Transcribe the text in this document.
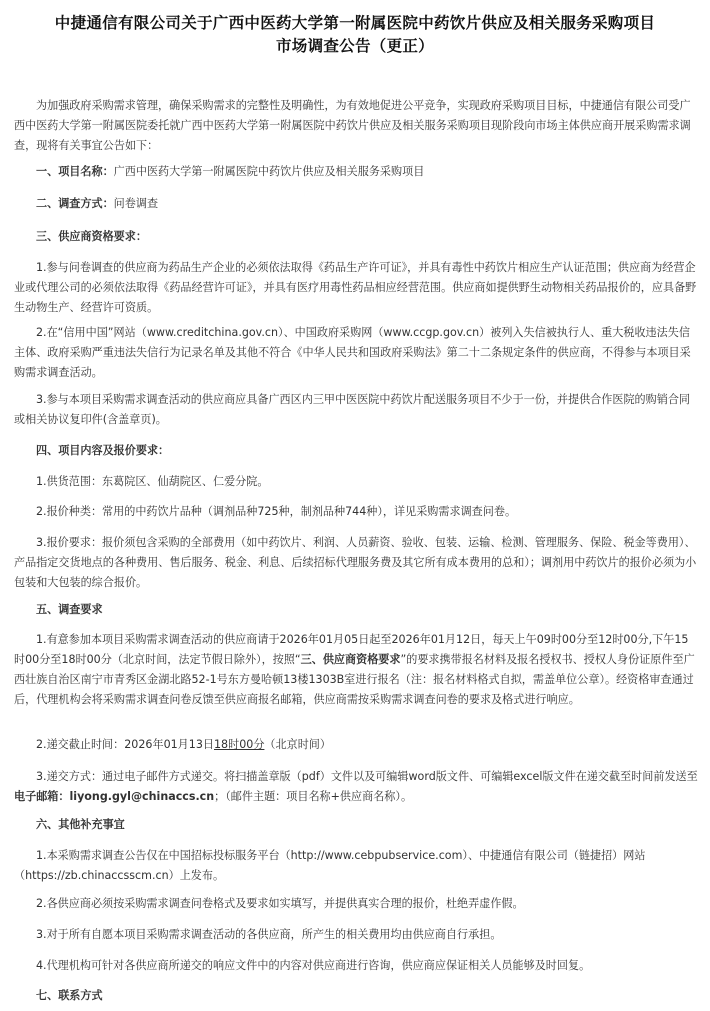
中捷通信有限公司关于广西中医药大学第一附属医院中药饮片供应及相关服务采购项目
市场调查公告（更正）
为加强政府采购需求管理，确保采购需求的完整性及明确性，为有效地促进公平竞争，实现政府采购项目目标，中捷通信有限公司受广西中医药大学第一附属医院委托就广西中医药大学第一附属医院中药饮片供应及相关服务采购项目现阶段向市场主体供应商开展采购需求调查，现将有关事宜公告如下：
一、项目名称：广西中医药大学第一附属医院中药饮片供应及相关服务采购项目
二、调查方式：问卷调查
三、供应商资格要求：
1.参与问卷调查的供应商为药品生产企业的必须依法取得《药品生产许可证》，并具有毒性中药饮片相应生产认证范围；供应商为经营企业或代理公司的必须依法取得《药品经营许可证》，并具有医疗用毒性药品相应经营范围。供应商如提供野生动物相关药品报价的，应具备野生动物生产、经营许可资质。
2.在“信用中国”网站（www.creditchina.gov.cn）、中国政府采购网（www.ccgp.gov.cn）被列入失信被执行人、重大税收违法失信主体、政府采购严重违法失信行为记录名单及其他不符合《中华人民共和国政府采购法》第二十二条规定条件的供应商，不得参与本项目采购需求调查活动。
3.参与本项目采购需求调查活动的供应商应具备广西区内三甲中医医院中药饮片配送服务项目不少于一份，并提供合作医院的购销合同或相关协议复印件(含盖章页)。
四、项目内容及报价要求：
1.供货范围：东葛院区、仙葫院区、仁爱分院。
2.报价种类：常用的中药饮片品种（调剂品种725种，制剂品种744种），详见采购需求调查问卷。
3.报价要求：报价须包含采购的全部费用（如中药饮片、利润、人员薪资、验收、包装、运输、检测、管理服务、保险、税金等费用）、产品指定交货地点的各种费用、售后服务、税金、利息、后续招标代理服务费及其它所有成本费用的总和）；调剂用中药饮片的报价必须为小包装和大包装的综合报价。
五、调查要求
1.有意参加本项目采购需求调查活动的供应商请于2026年01月05日起至2026年01月12日，每天上午09时00分至12时00分,下午15时00分至18时00分（北京时间，法定节假日除外），按照“三、供应商资格要求”的要求携带报名材料及报名授权书、授权人身份证原件至广西壮族自治区南宁市青秀区金湖北路52-1号东方曼哈顿13楼1303B室进行报名（注：报名材料格式自拟，需盖单位公章）。经资格审查通过后，代理机构会将采购需求调查问卷反馈至供应商报名邮箱，供应商需按采购需求调查问卷的要求及格式进行响应。
2.递交截止时间：2026年01月13日18时00分（北京时间）
3.递交方式：通过电子邮件方式递交。将扫描盖章版（pdf）文件以及可编辑word版文件、可编辑excel版文件在递交截至时间前发送至电子邮箱：liyong.gyl@chinaccs.cn；（邮件主题：项目名称+供应商名称）。
六、其他补充事宜
1.本采购需求调查公告仅在中国招标投标服务平台（http://www.cebpubservice.com）、中捷通信有限公司（链捷招）网站（https://zb.chinaccsscm.cn）上发布。
2.各供应商必须按采购需求调查问卷格式及要求如实填写，并提供真实合理的报价，杜绝弄虚作假。
3.对于所有自愿本项目采购需求调查活动的各供应商，所产生的相关费用均由供应商自行承担。
4.代理机构可针对各供应商所递交的响应文件中的内容对供应商进行咨询，供应商应保证相关人员能够及时回复。
七、联系方式
